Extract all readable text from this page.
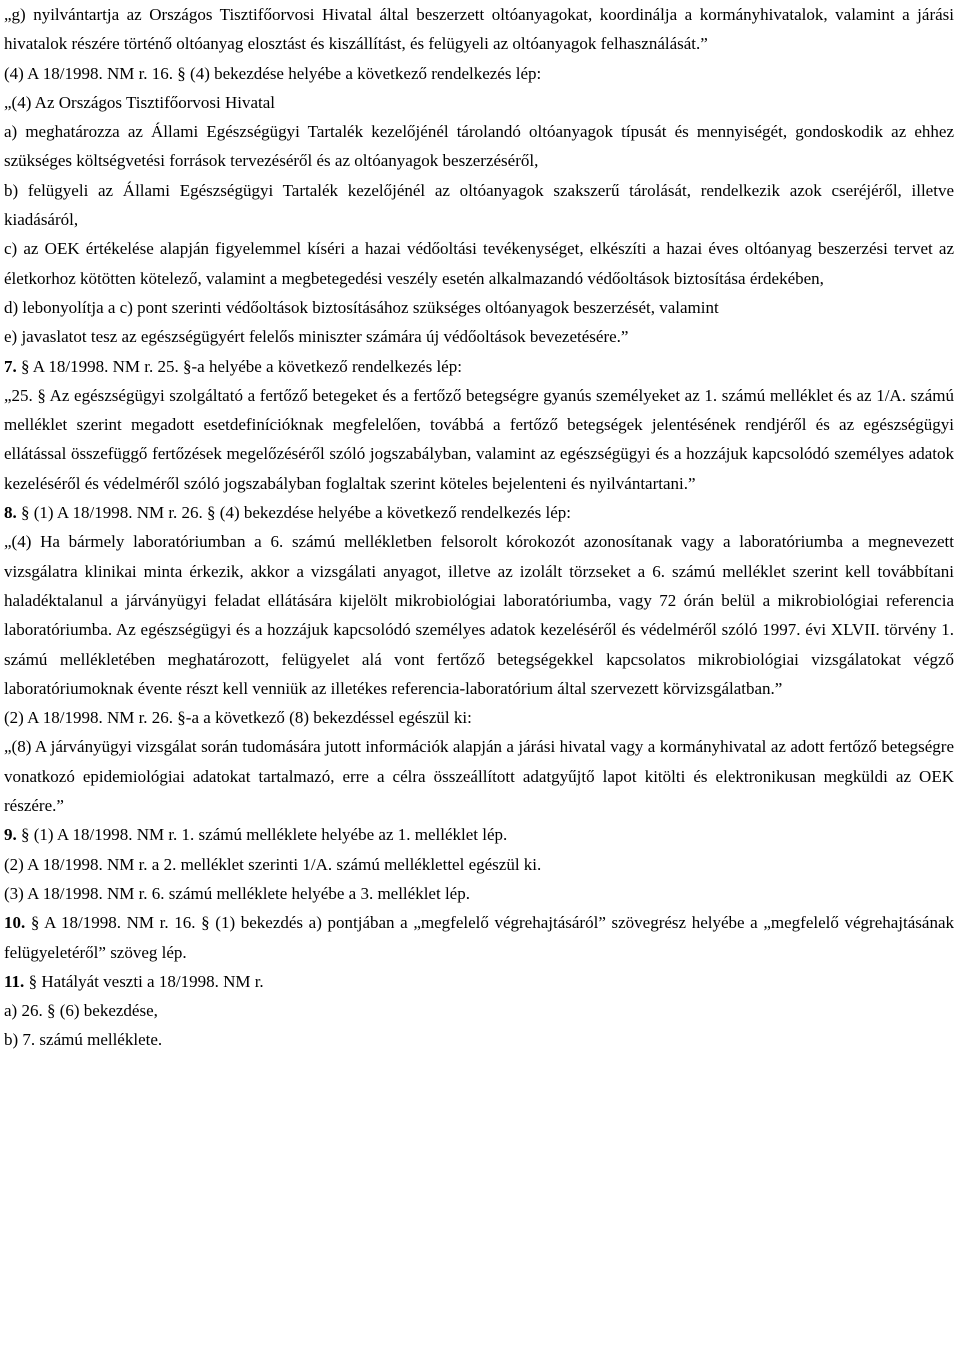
„g) nyilvántartja az Országos Tisztifőorvosi Hivatal által beszerzett oltóanyagokat, koordinálja a kormányhivatalok, valamint a járási hivatalok részére történő oltóanyag elosztást és kiszállítást, és felügyeli az oltóanyagok felhasználását.”

(4) A 18/1998. NM r. 16. § (4) bekezdése helyébe a következő rendelkezés lép:

„(4) Az Országos Tisztifőorvosi Hivatal

a) meghatározza az Állami Egészségügyi Tartalék kezelőjénél tárolandó oltóanyagok típusát és mennyiségét, gondoskodik az ehhez szükséges költségvetési források tervezéséről és az oltóanyagok beszerzéséről,

b) felügyeli az Állami Egészségügyi Tartalék kezelőjénél az oltóanyagok szakszerű tárolását, rendelkezik azok cseréjéről, illetve kiadásáról,

c) az OEK értékelése alapján figyelemmel kíséri a hazai védőoltási tevékenységet, elkészíti a hazai éves oltóanyag beszerzési tervet az életkorhoz kötötten kötelező, valamint a megbetegedési veszély esetén alkalmazandó védőoltások biztosítása érdekében,

d) lebonyolítja a c) pont szerinti védőoltások biztosításához szükséges oltóanyagok beszerzését, valamint

e) javaslatot tesz az egészségügyért felelős miniszter számára új védőoltások bevezetésére.”

7. § A 18/1998. NM r. 25. §-a helyébe a következő rendelkezés lép:

„25. § Az egészségügyi szolgáltató a fertőző betegeket és a fertőző betegségre gyanús személyeket az 1. számú melléklet és az 1/A. számú melléklet szerint megadott esetdefinícióknak megfelelően, továbbá a fertőző betegségek jelentésének rendjéről és az egészségügyi ellátással összefüggő fertőzések megelőzéséről szóló jogszabályban, valamint az egészségügyi és a hozzájuk kapcsolódó személyes adatok kezeléséről és védelméről szóló jogszabályban foglaltak szerint köteles bejelenteni és nyilvántartani.”

8. § (1) A 18/1998. NM r. 26. § (4) bekezdése helyébe a következő rendelkezés lép:

„(4) Ha bármely laboratóriumban a 6. számú mellékletben felsorolt kórokozót azonosítanak vagy a laboratóriumba a megnevezett vizsgálatra klinikai minta érkezik, akkor a vizsgálati anyagot, illetve az izolált törzseket a 6. számú melléklet szerint kell továbbítani haladéktalanul a járványügyi feladat ellátására kijelölt mikrobiológiai laboratóriumba, vagy 72 órán belül a mikrobiológiai referencia laboratóriumba. Az egészségügyi és a hozzájuk kapcsolódó személyes adatok kezeléséről és védelméről szóló 1997. évi XLVII. törvény 1. számú mellékletében meghatározott, felügyelet alá vont fertőző betegségekkel kapcsolatos mikrobiológiai vizsgálatokat végző laboratóriumoknak évente részt kell venniük az illetékes referencia-laboratórium által szervezett körvizsgálatban.”

(2) A 18/1998. NM r. 26. §-a a következő (8) bekezdéssel egészül ki:

„(8) A járványügyi vizsgálat során tudomására jutott információk alapján a járási hivatal vagy a kormányhivatal az adott fertőző betegségre vonatkozó epidemiológiai adatokat tartalmazó, erre a célra összeállított adatgyűjtő lapot kitölti és elektronikusan megküldi az OEK részére.”

9. § (1) A 18/1998. NM r. 1. számú melléklete helyébe az 1. melléklet lép.

(2) A 18/1998. NM r. a 2. melléklet szerinti 1/A. számú melléklettel egészül ki.

(3) A 18/1998. NM r. 6. számú melléklete helyébe a 3. melléklet lép.

10. § A 18/1998. NM r. 16. § (1) bekezdés a) pontjában a „megfelelő végrehajtásáról” szövegrész helyébe a „megfelelő végrehajtásának felügyeletéről” szöveg lép.

11. § Hatályát veszti a 18/1998. NM r.

a) 26. § (6) bekezdése,

b) 7. számú melléklete.
